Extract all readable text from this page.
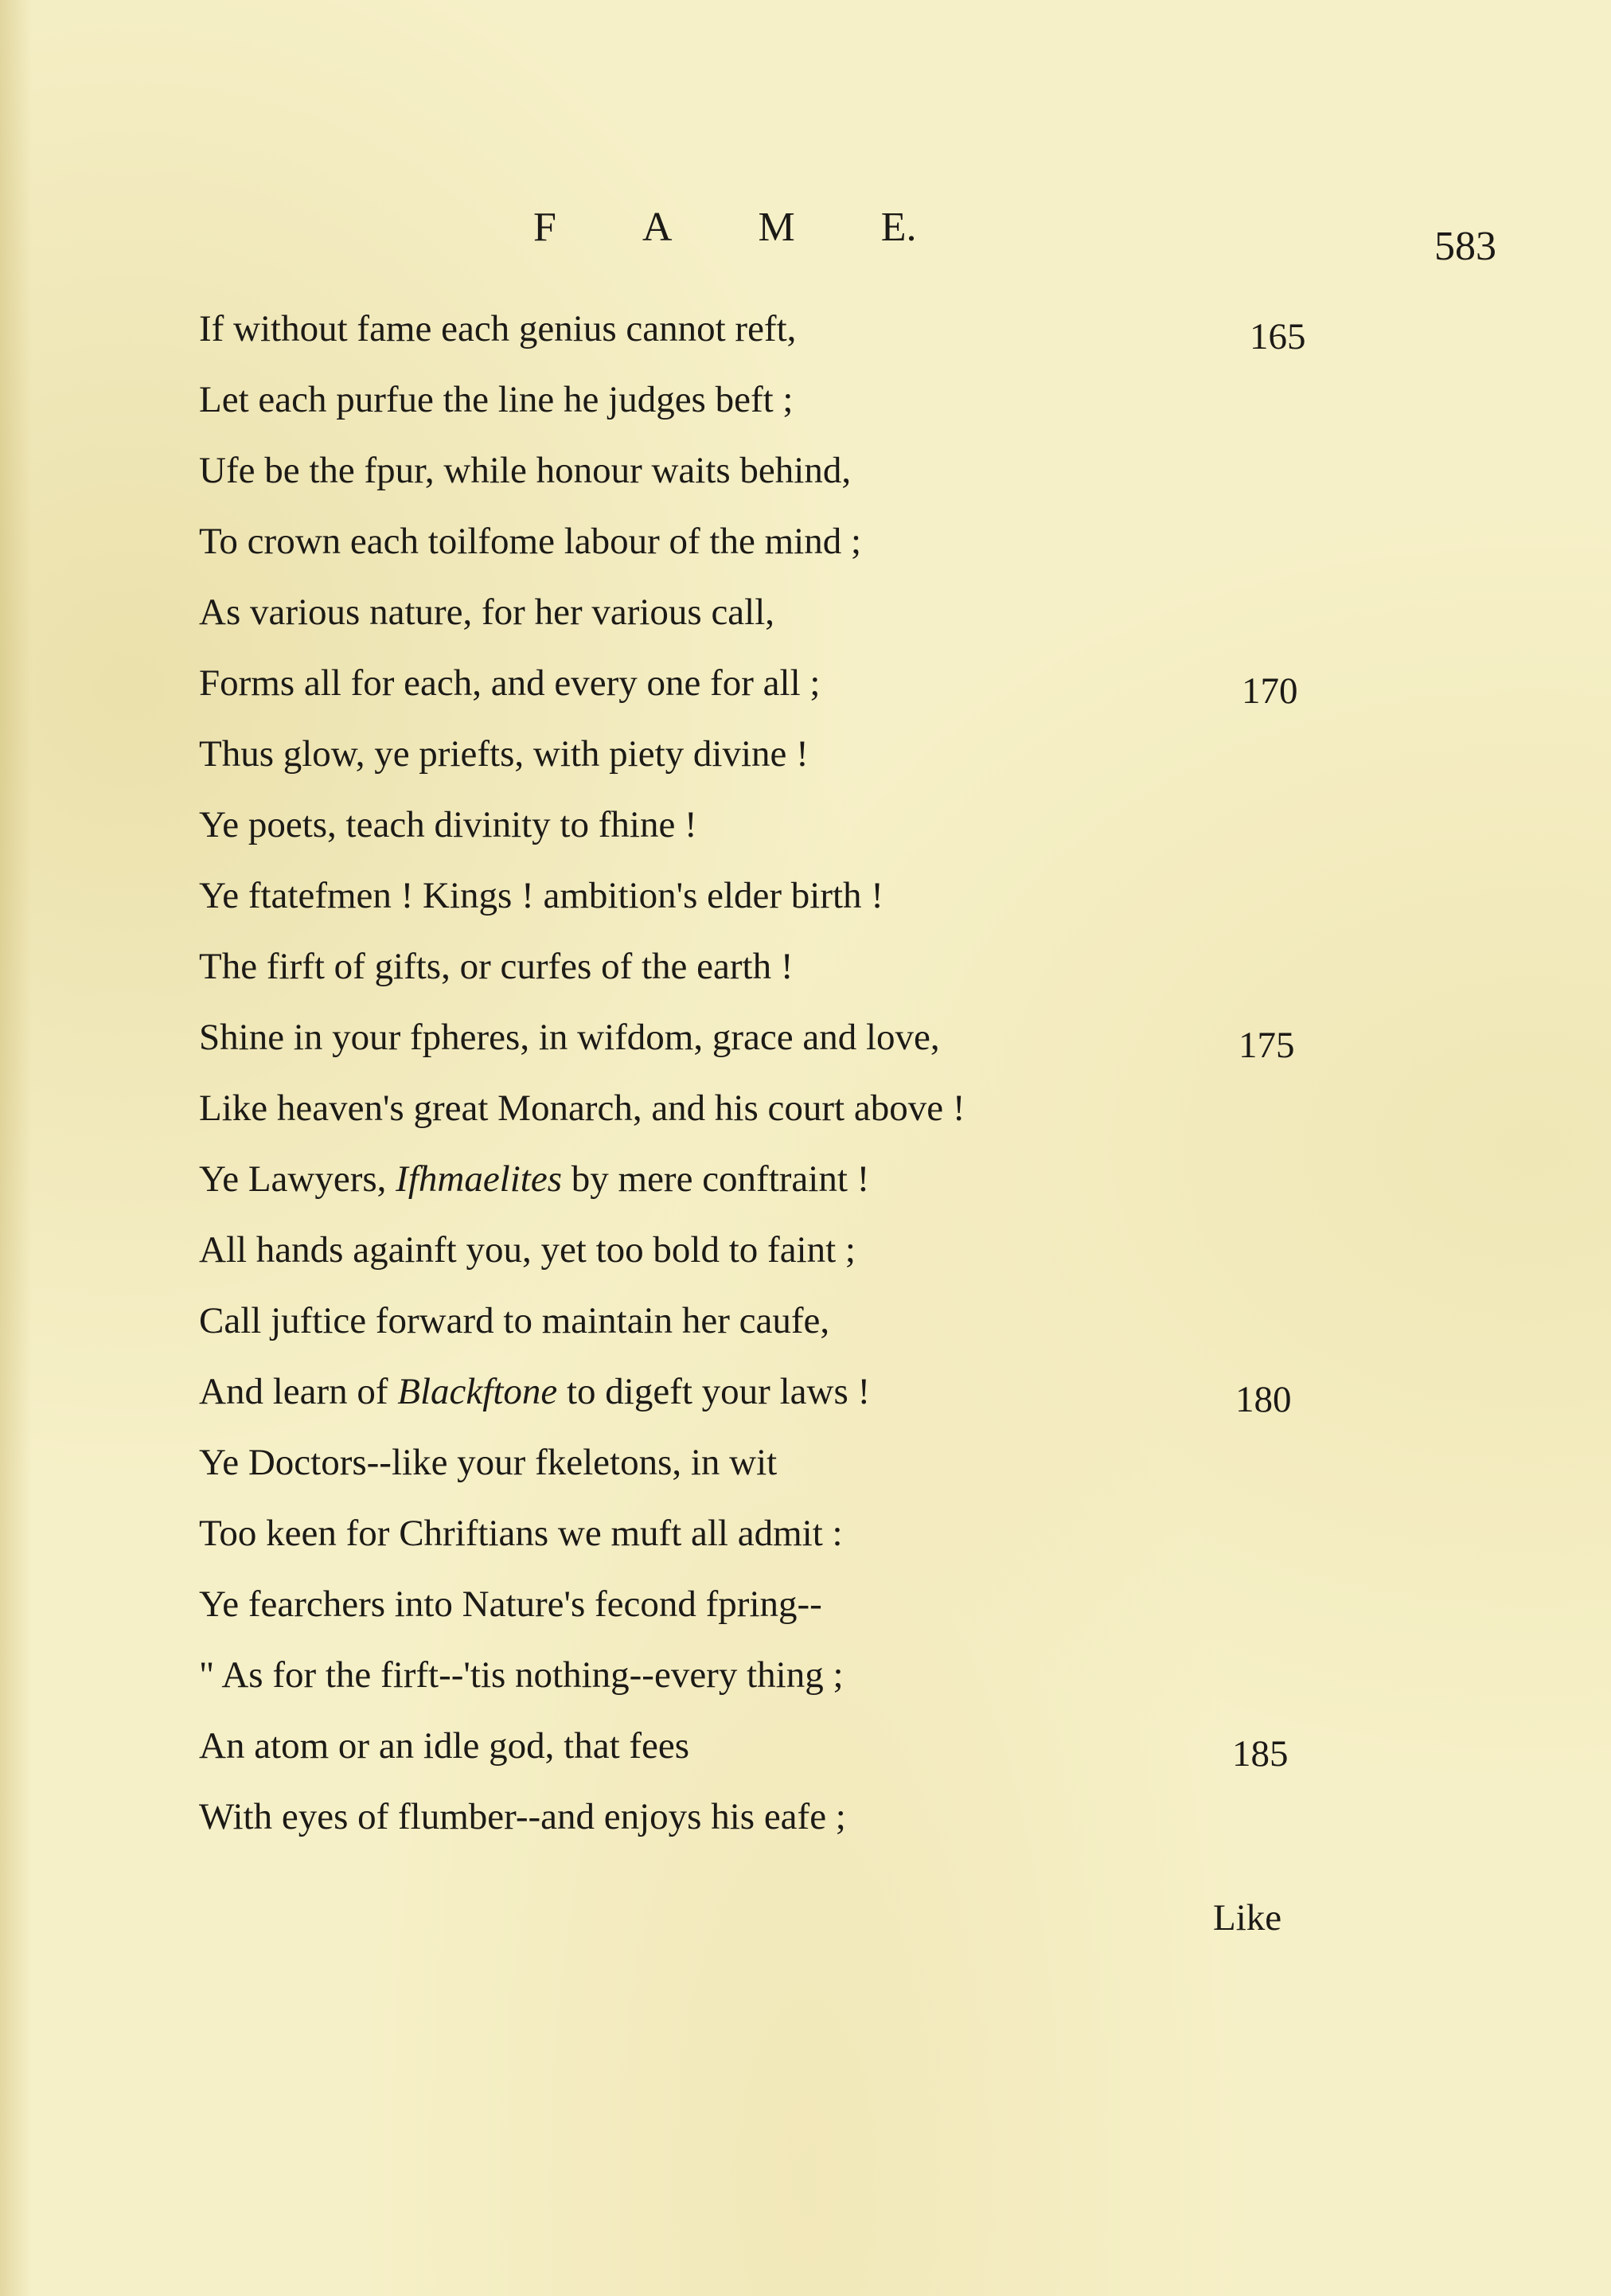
F A M E.	583
If without fame each genius cannot reft,
Let each purfue the line he judges beft ;
Ufe be the fpur, while honour waits behind,
To crown each toilfome labour of the mind ;
As various nature, for her various call,
Forms all for each, and every one for all ;
Thus glow, ye priefts, with piety divine !
Ye poets, teach divinity to fhine !
Ye ftatefmen ! Kings ! ambition's elder birth !
The firft of gifts, or curfes of the earth !
Shine in your fpheres, in wifdom, grace and love,
Like heaven's great Monarch, and his court above !
Ye Lawyers, Ifhmaelites by mere conftraint !
All hands againft you, yet too bold to faint ;
Call juftice forward to maintain her caufe,
And learn of Blackftone to digeft your laws !
Ye Doctors--like your fkeletons, in wit
Too keen for Chriftians we muft all admit :
Ye fearchers into Nature's fecond fpring--
" As for the firft--'tis nothing--every thing ;
An atom or an idle god, that fees
With eyes of flumber--and enjoys his eafe ;
165
170
175
180
185
Like
